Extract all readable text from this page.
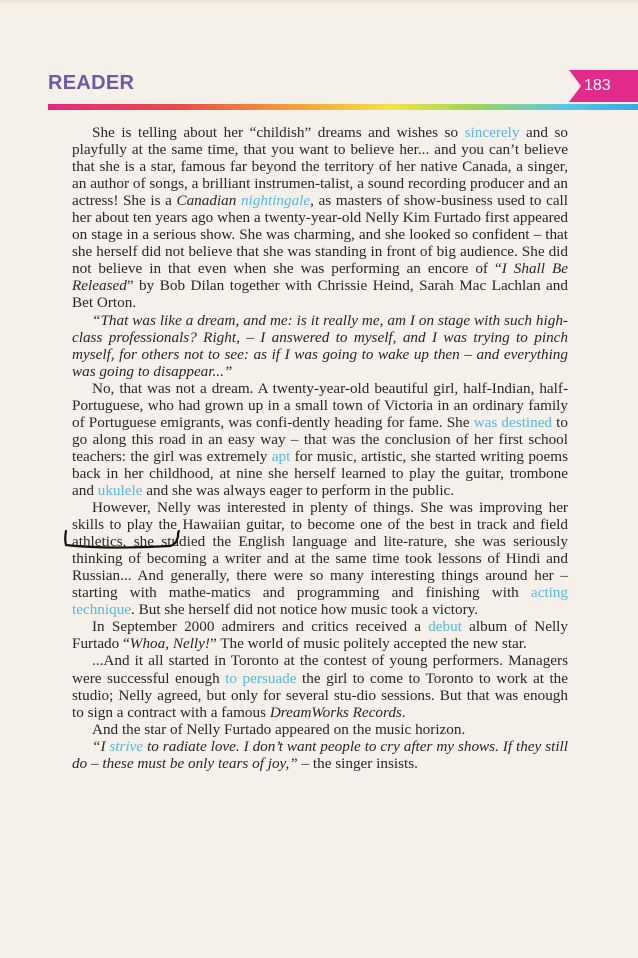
READER	183

She is telling about her “childish” dreams and wishes so sincerely and so playfully at the same time, that you want to believe her... and you can’t believe that she is a star, famous far beyond the territory of her native Canada, a singer, an author of songs, a brilliant instrumen-talist, a sound recording producer and an actress! She is a Canadian nightingale, as masters of show-business used to call her about ten years ago when a twenty-year-old Nelly Kim Furtado first appeared on stage in a serious show. She was charming, and she looked so confident – that she herself did not believe that she was standing in front of big audience. She did not believe in that even when she was performing an encore of “I Shall Be Released” by Bob Dilan together with Chrissie Heind, Sarah Mac Lachlan and Bet Orton.

“That was like a dream, and me: is it really me, am I on stage with such high-class professionals? Right, – I answered to myself, and I was trying to pinch myself, for others not to see: as if I was going to wake up then – and everything was going to disappear...”

No, that was not a dream. A twenty-year-old beautiful girl, half-Indian, half-Portuguese, who had grown up in a small town of Victoria in an ordinary family of Portuguese emigrants, was confi-dently heading for fame. She was destined to go along this road in an easy way – that was the conclusion of her first school teachers: the girl was extremely apt for music, artistic, she started writing poems back in her childhood, at nine she herself learned to play the guitar, trombone and ukulele and she was always eager to perform in the public.

However, Nelly was interested in plenty of things. She was improving her skills to play the Hawaiian guitar, to become one of the best in track and field athletics, she studied the English language and lite-rature, she was seriously thinking of becoming a writer and at the same time took lessons of Hindi and Russian... And generally, there were so many interesting things around her – starting with mathe-matics and programming and finishing with acting technique. But she herself did not notice how music took a victory.

In September 2000 admirers and critics received a debut album of Nelly Furtado “Whoa, Nelly!” The world of music politely accepted the new star.

...And it all started in Toronto at the contest of young performers. Managers were successful enough to persuade the girl to come to Toronto to work at the studio; Nelly agreed, but only for several stu-dio sessions. But that was enough to sign a contract with a famous DreamWorks Records.

And the star of Nelly Furtado appeared on the music horizon.

“I strive to radiate love. I don’t want people to cry after my shows. If they still do – these must be only tears of joy,” – the singer insists.
